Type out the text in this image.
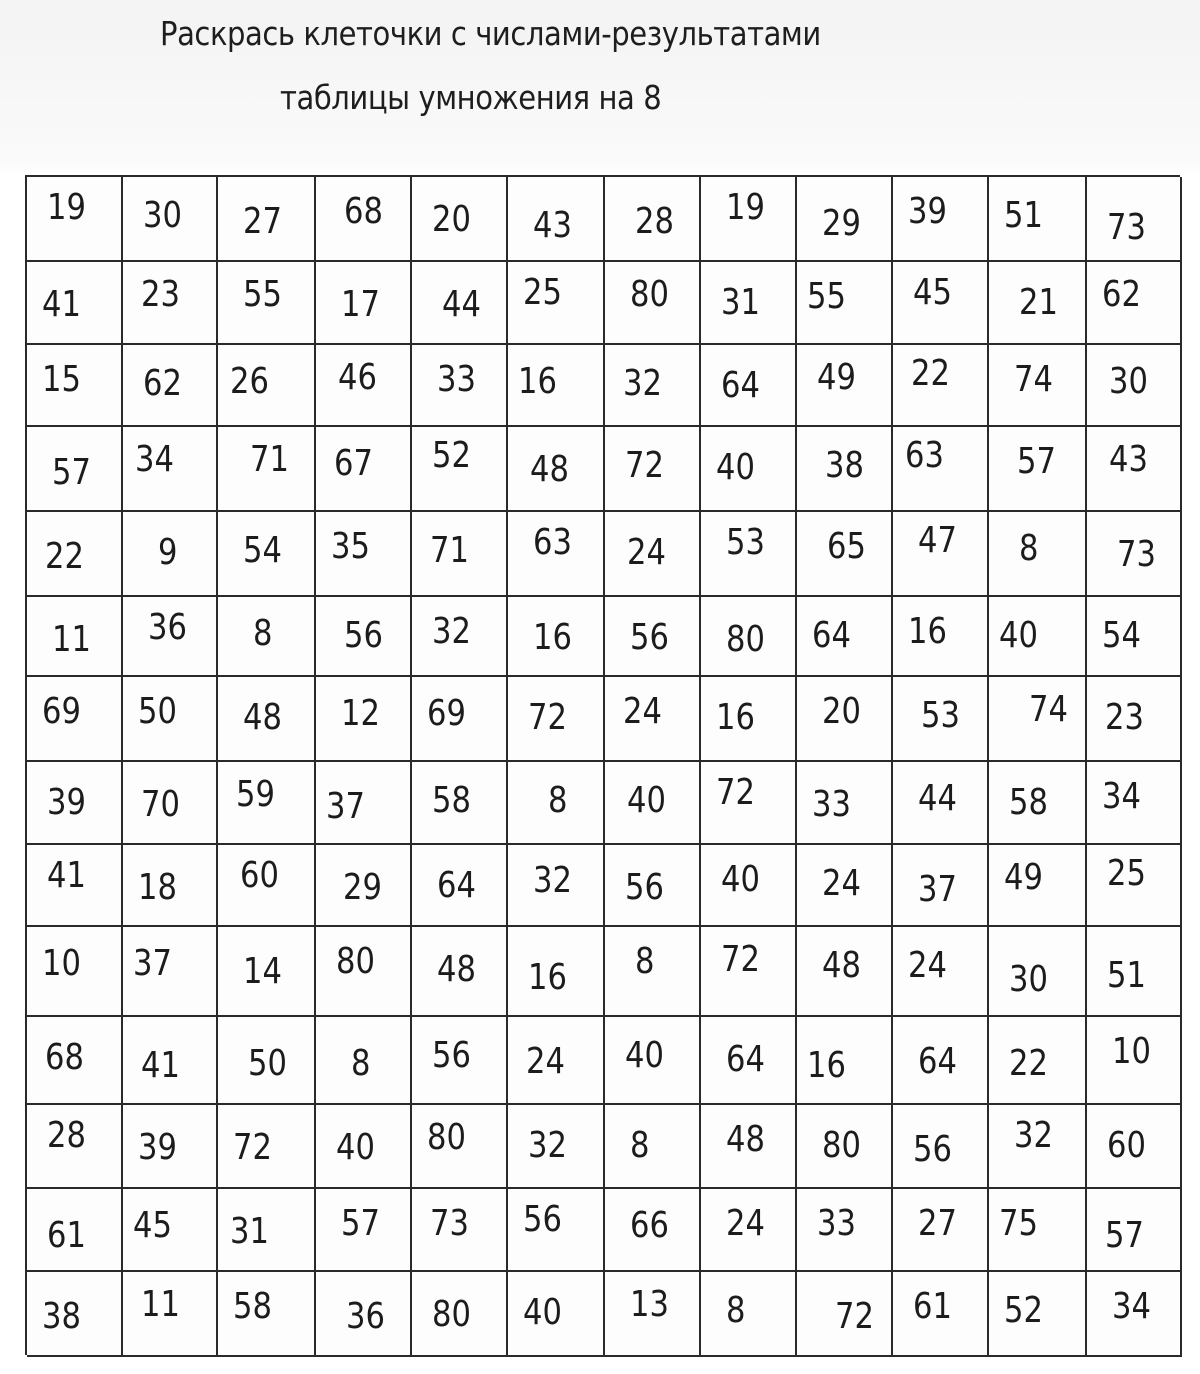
Раскрась клеточки с числами-результатами
таблицы умножения на 8
19 30 27 68 20 43 28 19 29 39 51 73
41 23 55 17 44 25 80 31 55 45 21 62
15 62 26 46 33 16 32 64 49 22 74 30
57 34 71 67 52 48 72 40 38 63 57 43
22 9 54 35 71 63 24 53 65 47 8 73
11 36 8 56 32 16 56 80 64 16 40 54
69 50 48 12 69 72 24 16 20 53 74 23
39 70 59 37 58 8 40 72 33 44 58 34
41 18 60 29 64 32 56 40 24 37 49 25
10 37 14 80 48 16 8 72 48 24 30 51
68 41 50 8 56 24 40 64 16 64 22 10
28 39 72 40 80 32 8 48 80 56 32 60
61 45 31 57 73 56 66 24 33 27 75 57
38 11 58 36 80 40 13 8 72 61 52 34
